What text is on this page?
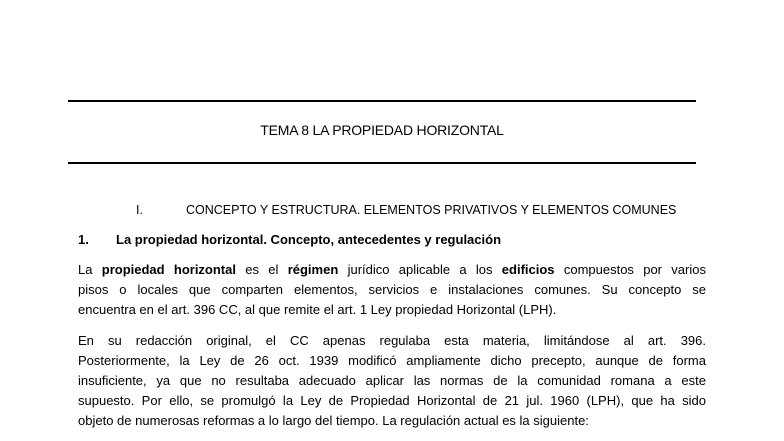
TEMA 8 LA PROPIEDAD HORIZONTAL
I.	CONCEPTO Y ESTRUCTURA. ELEMENTOS PRIVATIVOS Y ELEMENTOS COMUNES
1. La propiedad horizontal. Concepto, antecedentes y regulación
La propiedad horizontal es el régimen jurídico aplicable a los edificios compuestos por varios
pisos o locales que comparten elementos, servicios e instalaciones comunes. Su concepto se
encuentra en el art. 396 CC, al que remite el art. 1 Ley propiedad Horizontal (LPH).
En su redacción original, el CC apenas regulaba esta materia, limitándose al art. 396.
Posteriormente, la Ley de 26 oct. 1939 modificó ampliamente dicho precepto, aunque de forma
insuficiente, ya que no resultaba adecuado aplicar las normas de la comunidad romana a este
supuesto. Por ello, se promulgó la Ley de Propiedad Horizontal de 21 jul. 1960 (LPH), que ha sido
objeto de numerosas reformas a lo largo del tiempo. La regulación actual es la siguiente:
